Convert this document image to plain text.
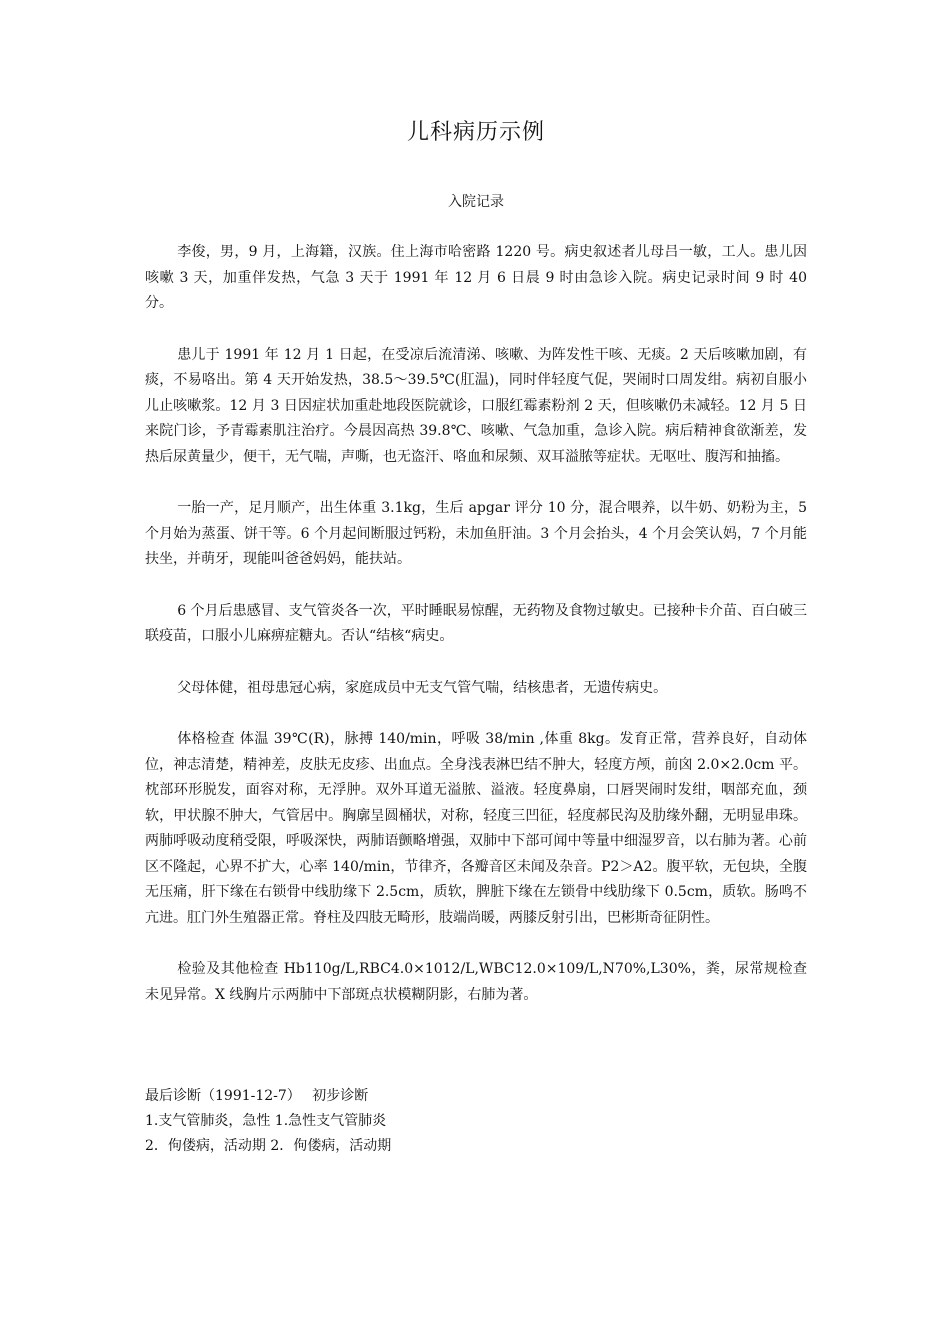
儿科病历示例
入院记录

李俊，男，9 月，上海籍，汉族。住上海市哈密路 1220 号。病史叙述者儿母吕一敏，工人。患儿因咳嗽 3 天，加重伴发热，气急 3 天于 1991 年 12 月 6 日晨 9 时由急诊入院。病史记录时间 9 时 40 分。

患儿于 1991 年 12 月 1 日起，在受凉后流清涕、咳嗽、为阵发性干咳、无痰。2 天后咳嗽加剧，有痰，不易咯出。第 4 天开始发热，38.5～39.5℃(肛温)，同时伴轻度气促，哭闹时口周发绀。病初自服小儿止咳嗽浆。12 月 3 日因症状加重赴地段医院就诊，口服红霉素粉剂 2 天，但咳嗽仍未减轻。12 月 5 日来院门诊，予青霉素肌注治疗。今晨因高热 39.8℃、咳嗽、气急加重，急诊入院。病后精神食欲渐差，发热后尿黄量少，便干，无气喘，声嘶，也无盗汗、咯血和尿频、双耳溢脓等症状。无呕吐、腹泻和抽搐。

一胎一产，足月顺产，出生体重 3.1kg，生后 apgar 评分 10 分，混合喂养，以牛奶、奶粉为主，5 个月始为蒸蛋、饼干等。6 个月起间断服过钙粉，未加鱼肝油。3 个月会抬头，4 个月会笑认妈，7 个月能扶坐，并萌牙，现能叫爸爸妈妈，能扶站。

6 个月后患感冒、支气管炎各一次，平时睡眠易惊醒，无药物及食物过敏史。已接种卡介苗、百白破三联疫苗，口服小儿麻痹症糖丸。否认“结核“病史。

父母体健，祖母患冠心病，家庭成员中无支气管气喘，结核患者，无遗传病史。

体格检查 体温 39℃(R)，脉搏 140/min，呼吸 38/min ,体重 8kg。发育正常，营养良好，自动体位，神志清楚，精神差，皮肤无皮疹、出血点。全身浅表淋巴结不肿大，轻度方颅，前囟 2.0×2.0cm 平。枕部环形脱发，面容对称，无浮肿。双外耳道无溢脓、溢液。轻度鼻扇，口唇哭闹时发绀，咽部充血，颈软，甲状腺不肿大，气管居中。胸廓呈圆桶状，对称，轻度三凹征，轻度郝民沟及肋缘外翻，无明显串珠。两肺呼吸动度稍受限，呼吸深快，两肺语颤略增强，双肺中下部可闻中等量中细湿罗音，以右肺为著。心前区不隆起，心界不扩大，心率 140/min，节律齐，各瓣音区未闻及杂音。P2＞A2。腹平软，无包块，全腹无压痛，肝下缘在右锁骨中线肋缘下 2.5cm，质软，脾脏下缘在左锁骨中线肋缘下 0.5cm，质软。肠鸣不亢进。肛门外生殖器正常。脊柱及四肢无畸形，肢端尚暖，两膝反射引出，巴彬斯奇征阴性。

检验及其他检查 Hb110g/L,RBC4.0×1012/L,WBC12.0×109/L,N70%,L30%，粪，尿常规检查未见异常。X 线胸片示两肺中下部斑点状模糊阴影，右肺为著。

最后诊断（1991-12-7）　 初步诊断
1.支气管肺炎，急性 1.急性支气管肺炎
2．佝偻病，活动期 2．佝偻病，活动期
